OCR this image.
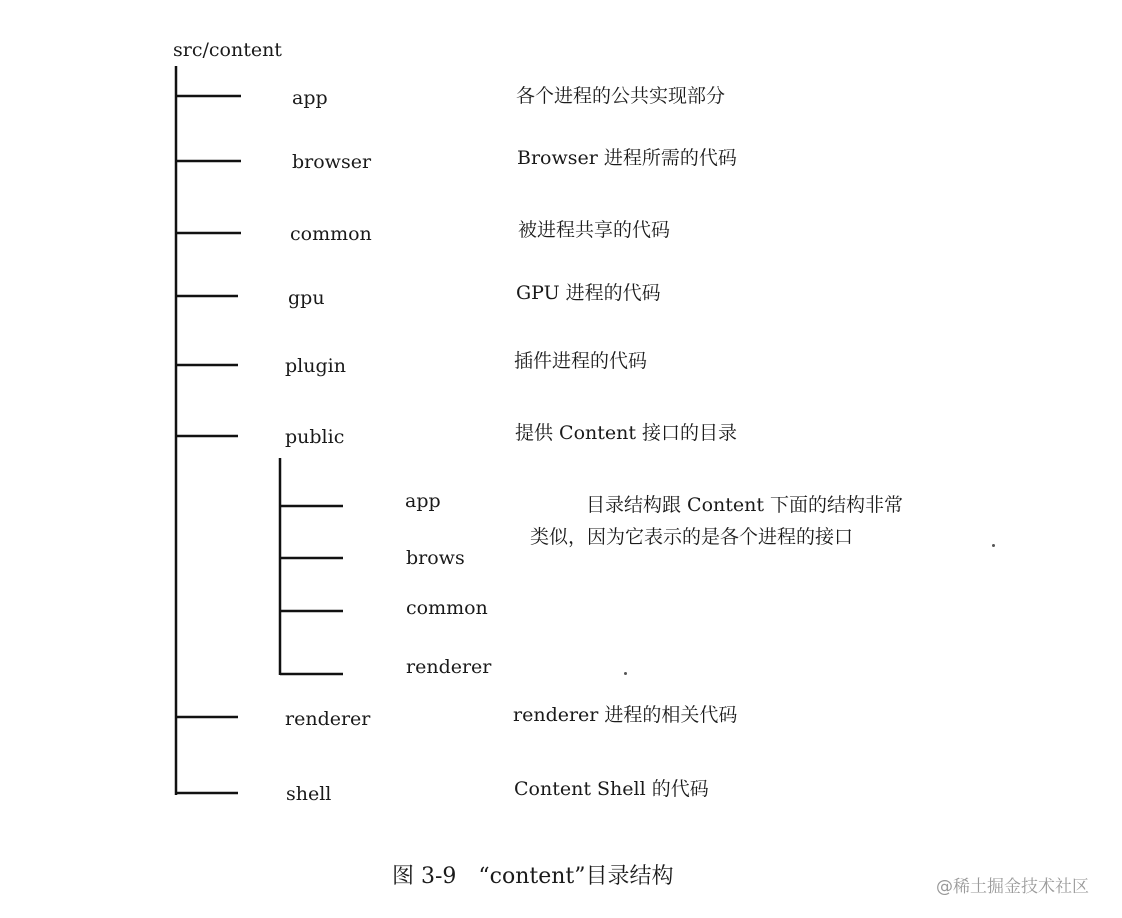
src/content
app	各个进程的公共实现部分
browser	Browser 进程所需的代码
common	被进程共享的代码
gpu	GPU 进程的代码
plugin	插件进程的代码
public	提供 Content 接口的目录
app
brows
common
renderer
目录结构跟 Content 下面的结构非常
类似，因为它表示的是各个进程的接口
renderer	renderer 进程的相关代码
shell	Content Shell 的代码
图 3-9　“content”目录结构	@稀土掘金技术社区
